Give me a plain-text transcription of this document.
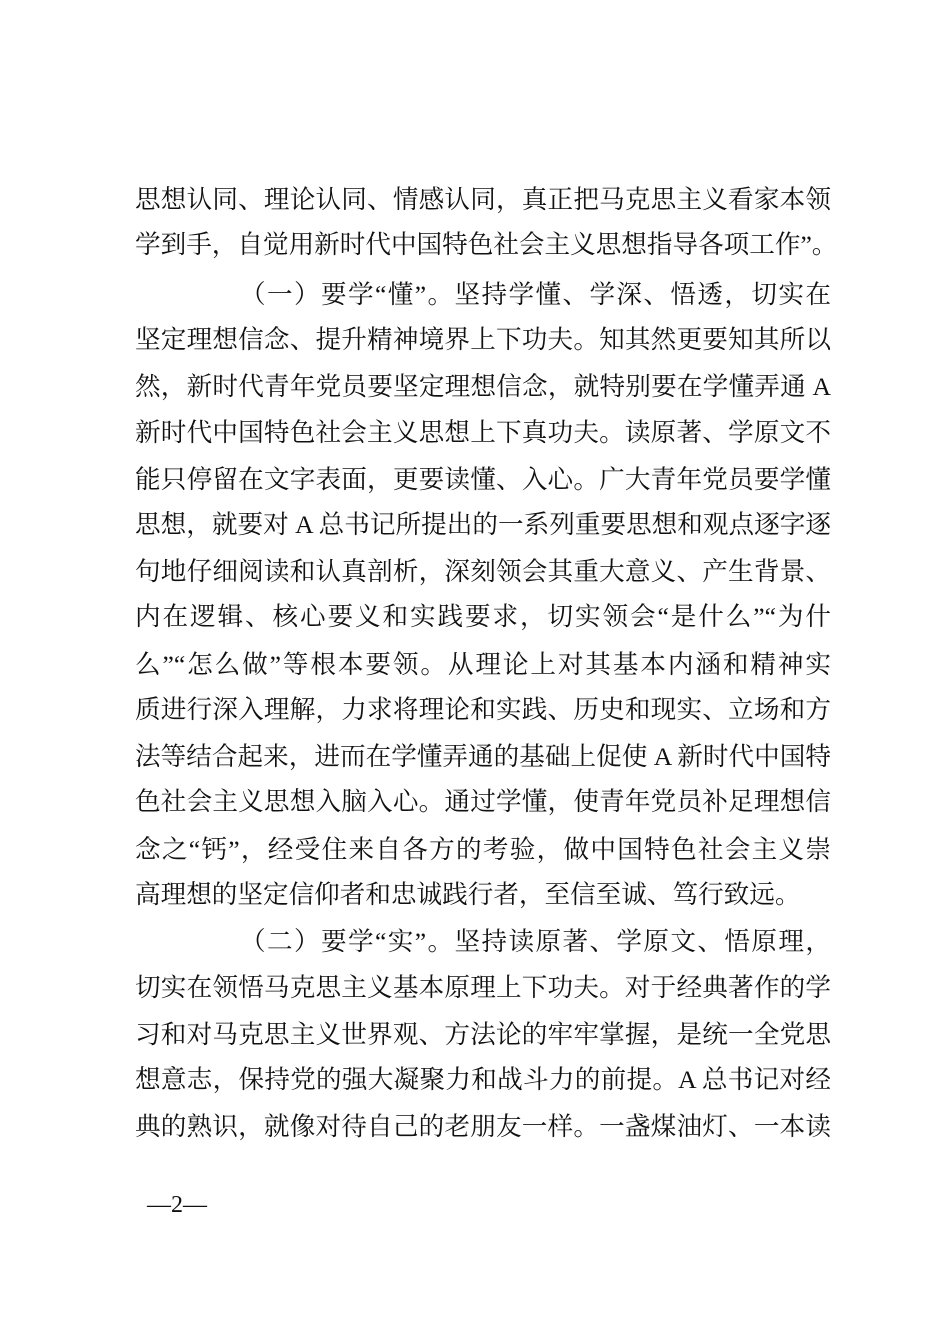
思想认同、理论认同、情感认同，真正把马克思主义看家本领
学到手，自觉用新时代中国特色社会主义思想指导各项工作”。
（一）要学“懂”。坚持学懂、学深、悟透，切实在
坚定理想信念、提升精神境界上下功夫。知其然更要知其所以
然，新时代青年党员要坚定理想信念，就特别要在学懂弄通 A
新时代中国特色社会主义思想上下真功夫。读原著、学原文不
能只停留在文字表面，更要读懂、入心。广大青年党员要学懂
思想，就要对 A 总书记所提出的一系列重要思想和观点逐字逐
句地仔细阅读和认真剖析，深刻领会其重大意义、产生背景、
内在逻辑、核心要义和实践要求，切实领会“是什么”“为什
么”“怎么做”等根本要领。从理论上对其基本内涵和精神实
质进行深入理解，力求将理论和实践、历史和现实、立场和方
法等结合起来，进而在学懂弄通的基础上促使 A 新时代中国特
色社会主义思想入脑入心。通过学懂，使青年党员补足理想信
念之“钙”，经受住来自各方的考验，做中国特色社会主义崇
高理想的坚定信仰者和忠诚践行者，至信至诚、笃行致远。
（二）要学“实”。坚持读原著、学原文、悟原理，
切实在领悟马克思主义基本原理上下功夫。对于经典著作的学
习和对马克思主义世界观、方法论的牢牢掌握，是统一全党思
想意志，保持党的强大凝聚力和战斗力的前提。A 总书记对经
典的熟识，就像对待自己的老朋友一样。一盏煤油灯、一本读
—2—
